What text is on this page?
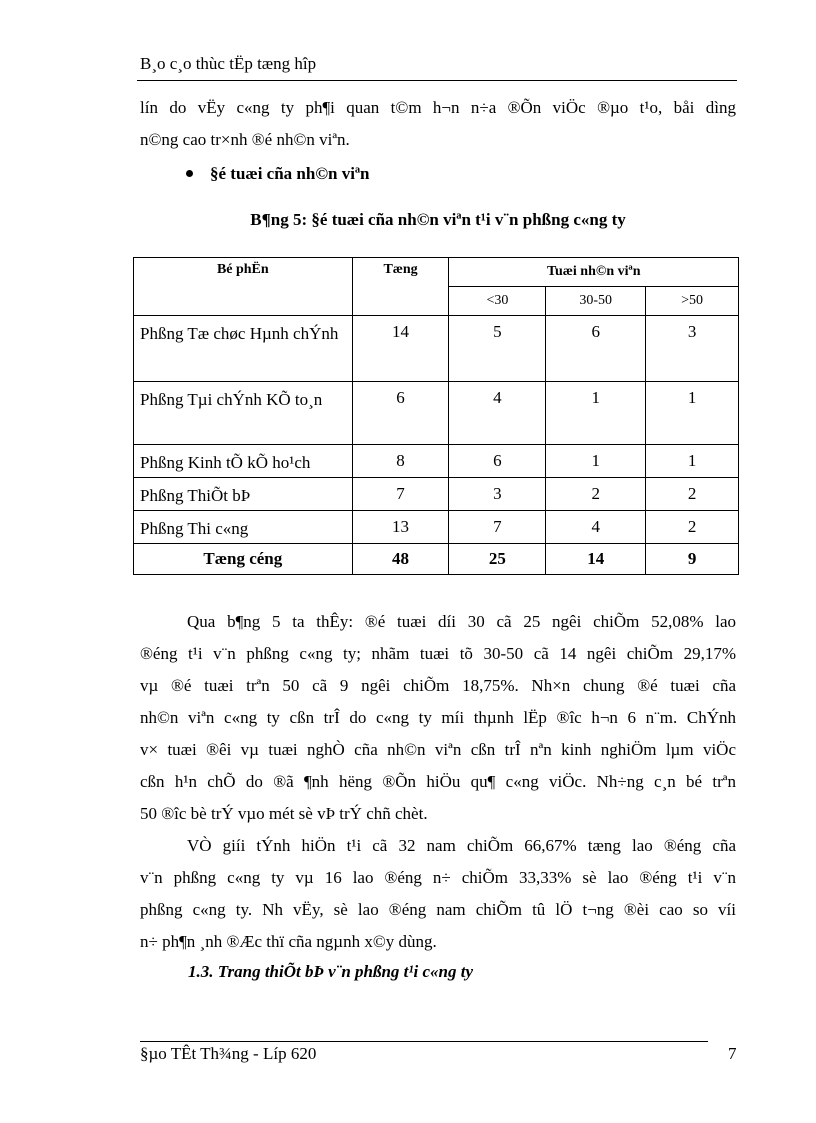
B¸o c¸o thùc tËp tæng hîp
lín do vËy c«ng ty ph¶i quan t©m h¬n n÷a ®Õn viÖc ®µo t¹o, båi dìng
n©ng cao tr×nh ®é nh©n viªn.
§é tuæi cña nh©n viªn
B¶ng 5: §é tuæi cña nh©n viªn t¹i v¨n phßng c«ng ty
Bé phËn	Tæng	Tuæi nh©n viªn		
		<30	30-50	>50
Phßng Tæ chøc Hµnh chÝnh	14	5	6	3
Phßng Tµi chÝnh KÕ to¸n	6	4	1	1
Phßng Kinh tÕ kÕ ho¹ch	8	6	1	1
Phßng ThiÕt bÞ	7	3	2	2
Phßng Thi c«ng	13	7	4	2
Tæng céng	48	25	14	9
Qua b¶ng 5 ta thÊy: ®é tuæi díi 30 cã 25 ngêi chiÕm 52,08% lao
®éng t¹i v¨n phßng c«ng ty; nhãm tuæi tõ 30-50 cã 14 ngêi chiÕm 29,17%
vµ ®é tuæi trªn 50 cã 9 ngêi chiÕm 18,75%. Nh×n chung ®é tuæi cña
nh©n viªn c«ng ty cßn trÎ do c«ng ty míi thµnh lËp ®îc h¬n 6 n¨m. ChÝnh
v× tuæi ®êi vµ tuæi nghÒ cña nh©n viªn cßn trÎ nªn kinh nghiÖm lµm viÖc
cßn h¹n chÕ do ®ã ¶nh hëng ®Õn hiÖu qu¶ c«ng viÖc. Nh÷ng c¸n bé trªn
50 ®îc bè trÝ vµo mét sè vÞ trÝ chñ chèt.
VÒ giíi tÝnh hiÖn t¹i cã 32 nam chiÕm 66,67% tæng lao ®éng cña
v¨n phßng c«ng ty vµ 16 lao ®éng n÷ chiÕm 33,33% sè lao ®éng t¹i v¨n
phßng c«ng ty. Nh vËy, sè lao ®éng nam chiÕm tû lÖ t¬ng ®èi cao so víi
n÷ ph¶n ¸nh ®Æc thï cña ngµnh x©y dùng.
1.3. Trang thiÕt bÞ v¨n phßng t¹i c«ng ty
§µo TÊt Th¾ng - Líp 620	7
